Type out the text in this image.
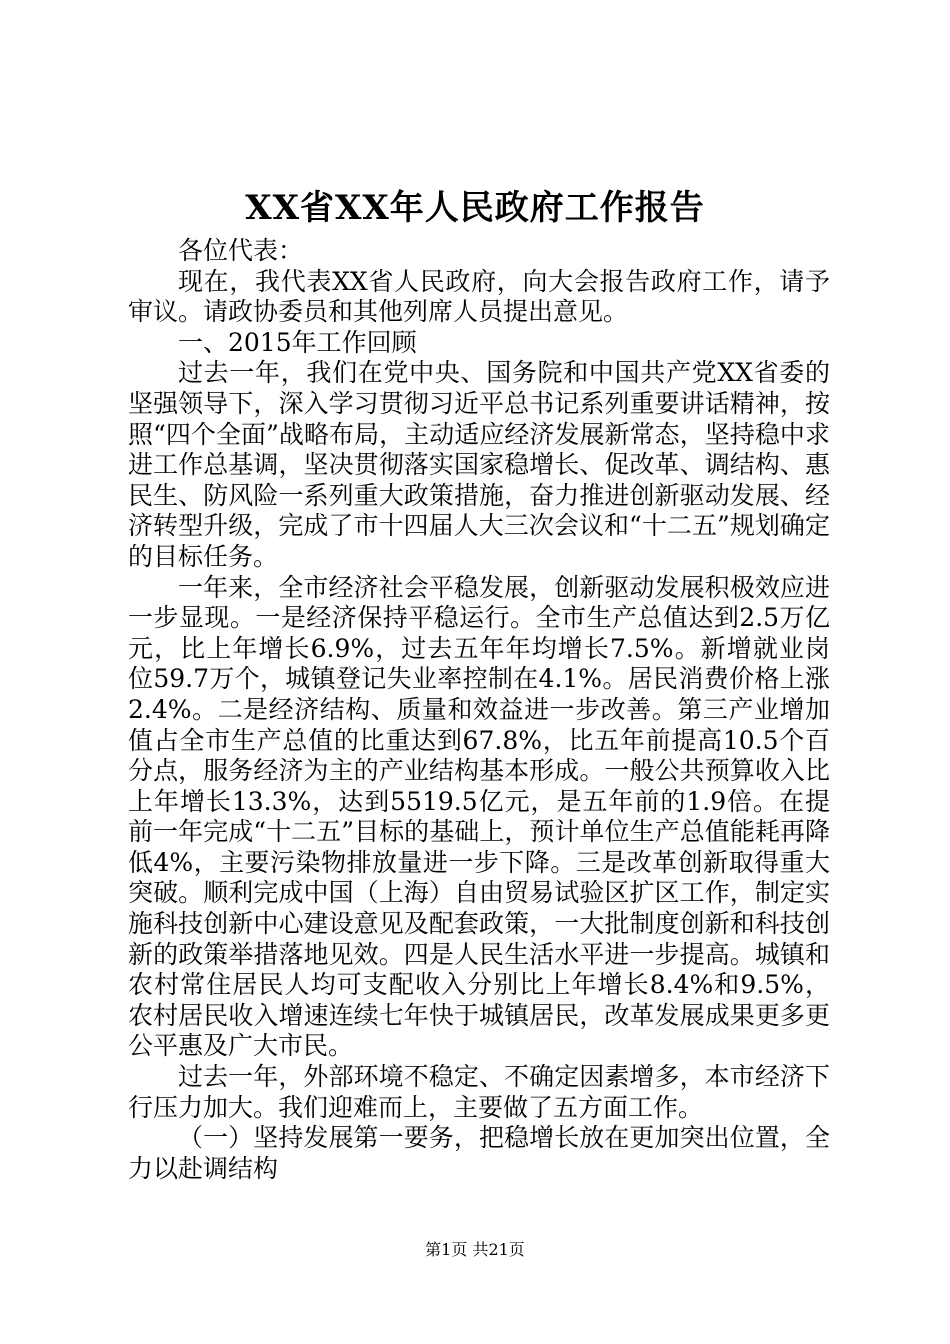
XX省XX年人民政府工作报告

各位代表：

现在，我代表XX省人民政府，向大会报告政府工作，请予审议。请政协委员和其他列席人员提出意见。

一、2015年工作回顾

过去一年，我们在党中央、国务院和中国共产党XX省委的坚强领导下，深入学习贯彻习近平总书记系列重要讲话精神，按照“四个全面”战略布局，主动适应经济发展新常态，坚持稳中求进工作总基调，坚决贯彻落实国家稳增长、促改革、调结构、惠民生、防风险一系列重大政策措施，奋力推进创新驱动发展、经济转型升级，完成了市十四届人大三次会议和“十二五”规划确定的目标任务。

一年来，全市经济社会平稳发展，创新驱动发展积极效应进一步显现。一是经济保持平稳运行。全市生产总值达到2.5万亿元，比上年增长6.9%，过去五年年均增长7.5%。新增就业岗位59.7万个，城镇登记失业率控制在4.1%。居民消费价格上涨2.4%。二是经济结构、质量和效益进一步改善。第三产业增加值占全市生产总值的比重达到67.8%，比五年前提高10.5个百分点，服务经济为主的产业结构基本形成。一般公共预算收入比上年增长13.3%，达到5519.5亿元，是五年前的1.9倍。在提前一年完成“十二五”目标的基础上，预计单位生产总值能耗再降低4%，主要污染物排放量进一步下降。三是改革创新取得重大突破。顺利完成中国（上海）自由贸易试验区扩区工作，制定实施科技创新中心建设意见及配套政策，一大批制度创新和科技创新的政策举措落地见效。四是人民生活水平进一步提高。城镇和农村常住居民人均可支配收入分别比上年增长8.4%和9.5%，农村居民收入增速连续七年快于城镇居民，改革发展成果更多更公平惠及广大市民。

过去一年，外部环境不稳定、不确定因素增多，本市经济下行压力加大。我们迎难而上，主要做了五方面工作。

（一）坚持发展第一要务，把稳增长放在更加突出位置，全力以赴调结构

第1页 共21页
